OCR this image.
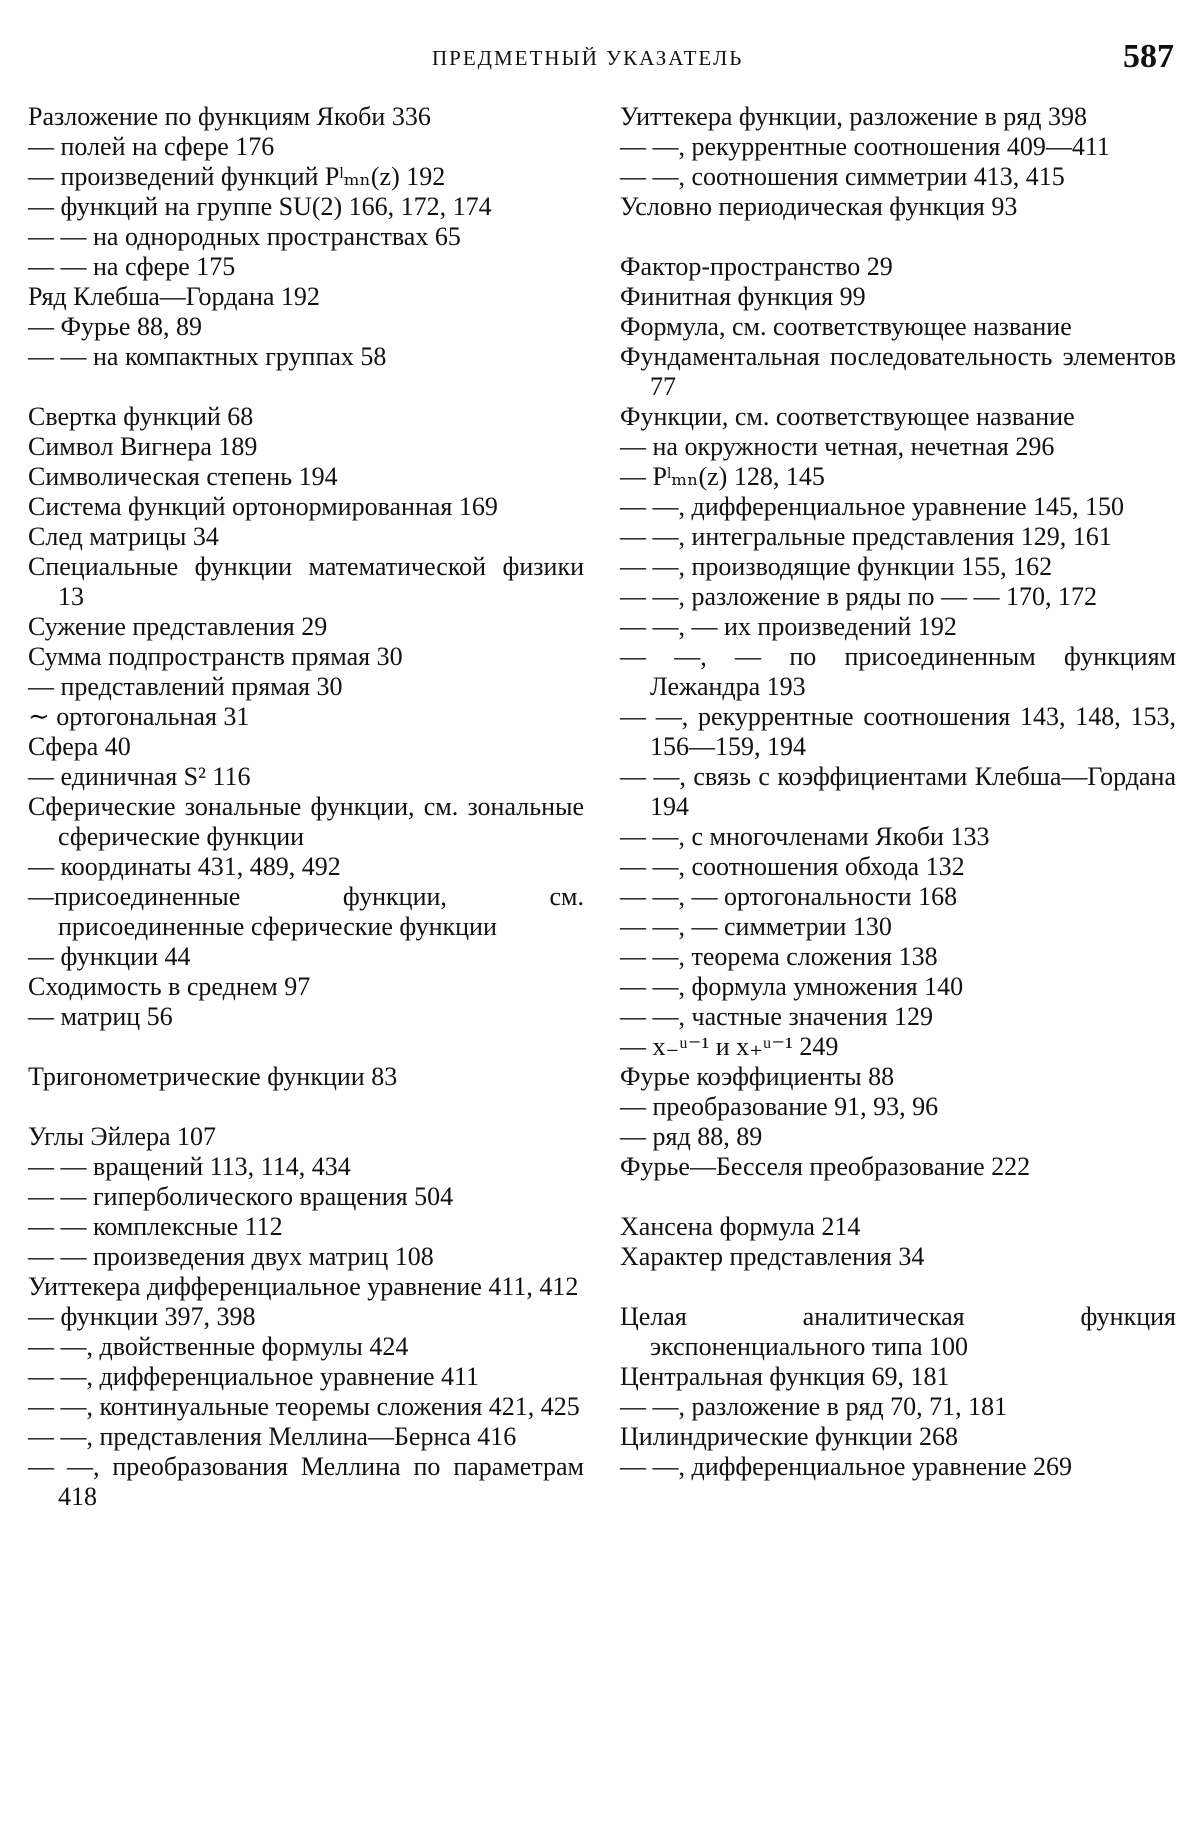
ПРЕДМЕТНЫЙ УКАЗАТЕЛЬ	587

Разложение по функциям Якоби 336

— полей на сфере 176

— произведений функций Pˡₘₙ(z) 192

— функций на группе SU(2) 166, 172, 174

— — на однородных пространствах 65

— — на сфере 175

Ряд Клебша—Гордана 192

— Фурье 88, 89

— — на компактных группах 58

Свертка функций 68

Символ Вигнера 189

Символическая степень 194

Система функций ортонормированная 169

След матрицы 34

Специальные функции математической физики 13

Сужение представления 29

Сумма подпространств прямая 30

— представлений прямая 30

∼ ортогональная 31

Сфера 40

— единичная S² 116

Сферические зональные функции, см. зональные сферические функции

— координаты 431, 489, 492

—присоединенные функции, см. присоединенные сферические функции

— функции 44

Сходимость в среднем 97

— матриц 56

Тригонометрические функции 83

Углы Эйлера 107

— — вращений 113, 114, 434

— — гиперболического вращения 504

— — комплексные 112

— — произведения двух матриц 108

Уиттекера дифференциальное уравнение 411, 412

— функции 397, 398

— —, двойственные формулы 424

— —, дифференциальное уравнение 411

— —, континуальные теоремы сложения 421, 425

— —, представления Меллина—Бернса 416

— —, преобразования Меллина по параметрам 418

Уиттекера функции, разложение в ряд 398

— —, рекуррентные соотношения 409—411

— —, соотношения симметрии 413, 415

Условно периодическая функция 93

Фактор-пространство 29

Финитная функция 99

Формула, см. соответствующее название

Фундаментальная последовательность элементов 77

Функции, см. соответствующее название

— на окружности четная, нечетная 296

— Pˡₘₙ(z) 128, 145

— —, дифференциальное уравнение 145, 150

— —, интегральные представления 129, 161

— —, производящие функции 155, 162

— —, разложение в ряды по — — 170, 172

— —, — их произведений 192

— —, — по присоединенным функциям Лежандра 193

— —, рекуррентные соотношения 143, 148, 153, 156—159, 194

— —, связь с коэффициентами Клебша—Гордана 194

— —, с многочленами Якоби 133

— —, соотношения обхода 132

— —, — ортогональности 168

— —, — симметрии 130

— —, теорема сложения 138

— —, формула умножения 140

— —, частные значения 129

— x₋ᵘ⁻¹ и x₊ᵘ⁻¹ 249

Фурье коэффициенты 88

— преобразование 91, 93, 96

— ряд 88, 89

Фурье—Бесселя преобразование 222

Хансена формула 214

Характер представления 34

Целая аналитическая функция экспоненциального типа 100

Центральная функция 69, 181

— —, разложение в ряд 70, 71, 181

Цилиндрические функции 268

— —, дифференциальное уравнение 269
